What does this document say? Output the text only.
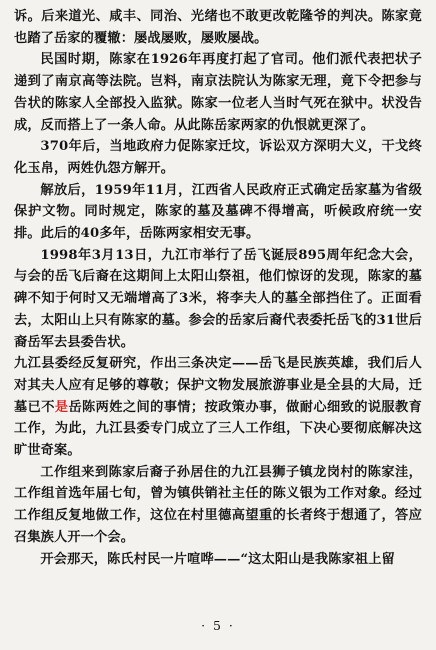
诉。后来道光、咸丰、同治、光绪也不敢更改乾隆爷的判决。陈家竟也踏了岳家的覆辙：屡战屡败，屡败屡战。

民国时期，陈家在1926年再度打起了官司。他们派代表把状子递到了南京高等法院。岂料，南京法院认为陈家无理，竟下令把参与告状的陈家人全部投入监狱。陈家一位老人当时气死在狱中。状没告成，反而搭上了一条人命。从此陈岳家两家的仇恨就更深了。

370年后，当地政府力促陈家迁坟，诉讼双方深明大义，干戈终化玉帛，两姓仇怨方解开。

解放后，1959年11月，江西省人民政府正式确定岳家墓为省级保护文物。同时规定，陈家的墓及墓碑不得增高，听候政府统一安排。此后的40多年，岳陈两家相安无事。

1998年3月13日，九江市举行了岳飞诞辰895周年纪念大会，与会的岳飞后裔在这期间上太阳山祭祖，他们惊讶的发现，陈家的墓碑不知于何时又无端增高了3米，将李夫人的墓全部挡住了。正面看去，太阳山上只有陈家的墓。参会的岳家后裔代表委托岳飞的31世后裔岳军去县委告状。

九江县委经反复研究，作出三条决定——岳飞是民族英雄，我们后人对其夫人应有足够的尊敬；保护文物发展旅游事业是全县的大局，迁墓已不是岳陈两姓之间的事情；按政策办事，做耐心细致的说服教育工作，为此，九江县委专门成立了三人工作组，下决心要彻底解决这旷世奇案。

工作组来到陈家后裔子孙居住的九江县狮子镇龙岗村的陈家洼，工作组首选年届七旬，曾为镇供销社主任的陈义银为工作对象。经过工作组反复地做工作，这位在村里德高望重的长者终于想通了，答应召集族人开一个会。

开会那天，陈氏村民一片喧哗——“这太阳山是我陈家祖上留

· 5 ·
